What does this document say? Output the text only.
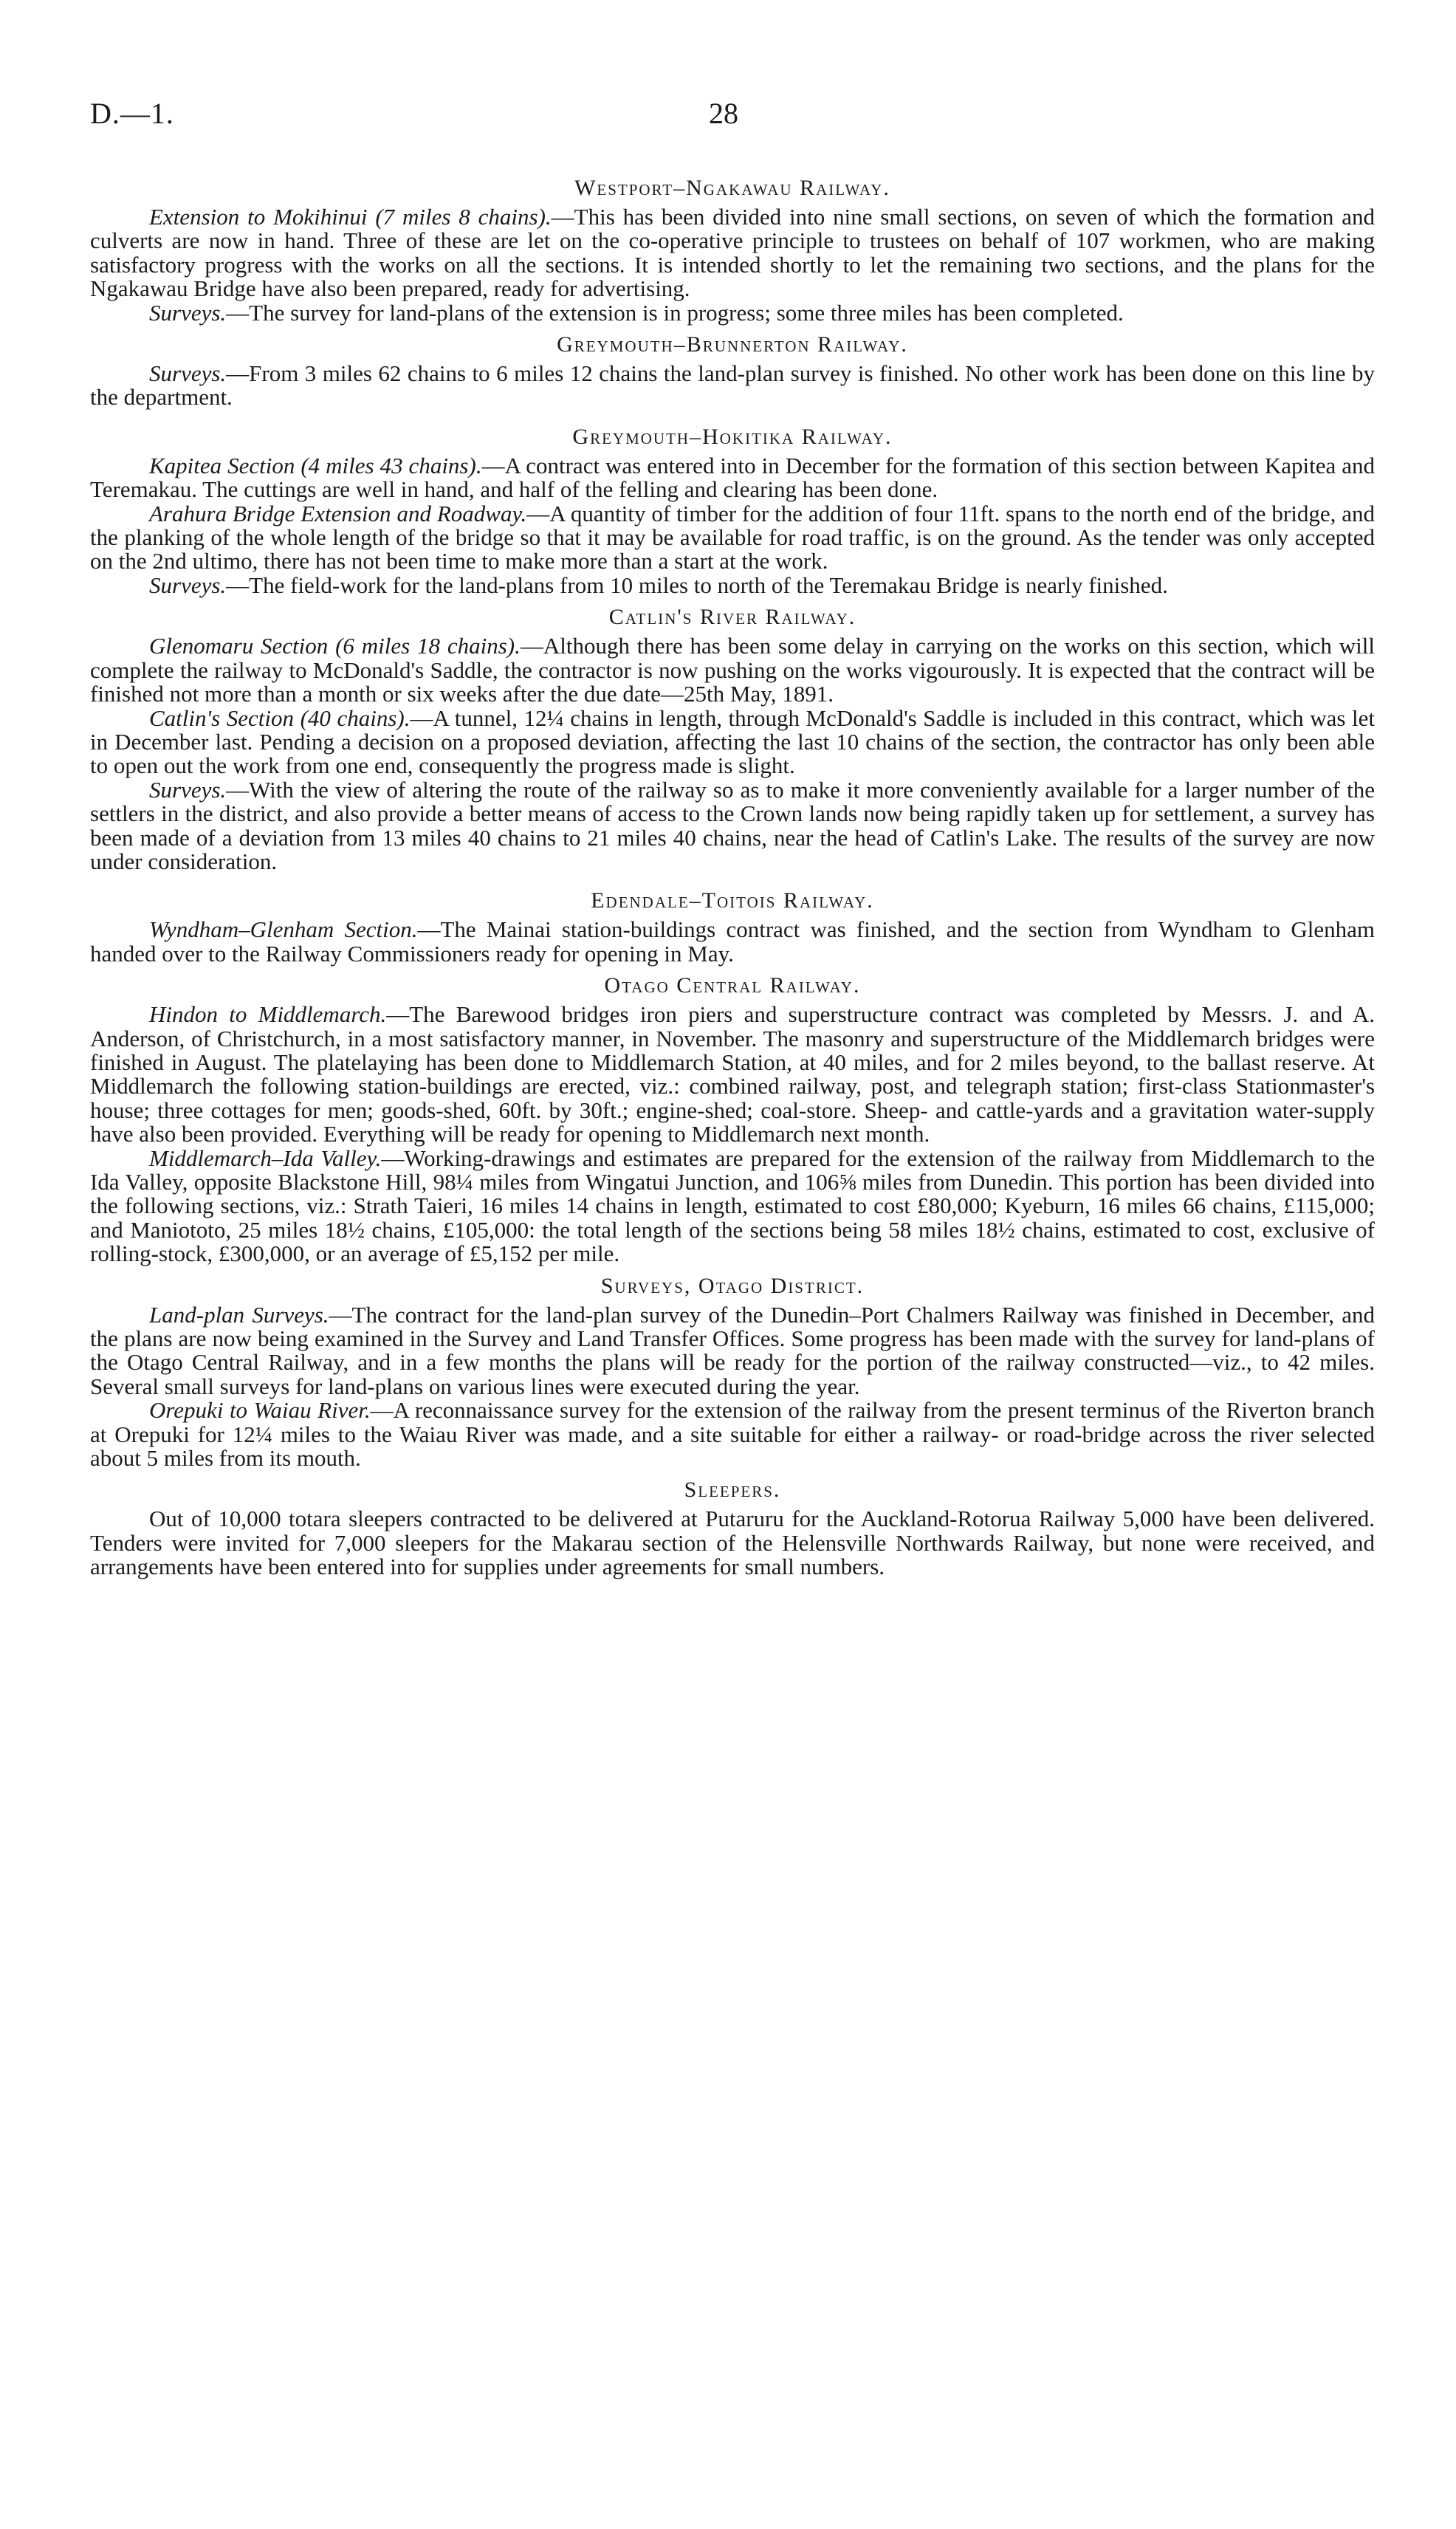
D.—1.	28
Westport–Ngakawau Railway.

Extension to Mokihinui (7 miles 8 chains).—This has been divided into nine small sections, on seven of which the formation and culverts are now in hand. Three of these are let on the co-operative principle to trustees on behalf of 107 workmen, who are making satisfactory progress with the works on all the sections. It is intended shortly to let the remaining two sections, and the plans for the Ngakawau Bridge have also been prepared, ready for advertising.

Surveys.—The survey for land-plans of the extension is in progress; some three miles has been completed.

Greymouth–Brunnerton Railway.

Surveys.—From 3 miles 62 chains to 6 miles 12 chains the land-plan survey is finished. No other work has been done on this line by the department.

Greymouth–Hokitika Railway.

Kapitea Section (4 miles 43 chains).—A contract was entered into in December for the formation of this section between Kapitea and Teremakau. The cuttings are well in hand, and half of the felling and clearing has been done.

Arahura Bridge Extension and Roadway.—A quantity of timber for the addition of four 11ft. spans to the north end of the bridge, and the planking of the whole length of the bridge so that it may be available for road traffic, is on the ground. As the tender was only accepted on the 2nd ultimo, there has not been time to make more than a start at the work.

Surveys.—The field-work for the land-plans from 10 miles to north of the Teremakau Bridge is nearly finished.

Catlin's River Railway.

Glenomaru Section (6 miles 18 chains).—Although there has been some delay in carrying on the works on this section, which will complete the railway to McDonald's Saddle, the contractor is now pushing on the works vigourously. It is expected that the contract will be finished not more than a month or six weeks after the due date—25th May, 1891.

Catlin's Section (40 chains).—A tunnel, 12¼ chains in length, through McDonald's Saddle is included in this contract, which was let in December last. Pending a decision on a proposed deviation, affecting the last 10 chains of the section, the contractor has only been able to open out the work from one end, consequently the progress made is slight.

Surveys.—With the view of altering the route of the railway so as to make it more conveniently available for a larger number of the settlers in the district, and also provide a better means of access to the Crown lands now being rapidly taken up for settlement, a survey has been made of a deviation from 13 miles 40 chains to 21 miles 40 chains, near the head of Catlin's Lake. The results of the survey are now under consideration.

Edendale–Toitois Railway.

Wyndham–Glenham Section.—The Mainai station-buildings contract was finished, and the section from Wyndham to Glenham handed over to the Railway Commissioners ready for opening in May.

Otago Central Railway.

Hindon to Middlemarch.—The Barewood bridges iron piers and superstructure contract was completed by Messrs. J. and A. Anderson, of Christchurch, in a most satisfactory manner, in November. The masonry and superstructure of the Middlemarch bridges were finished in August. The platelaying has been done to Middlemarch Station, at 40 miles, and for 2 miles beyond, to the ballast reserve. At Middlemarch the following station-buildings are erected, viz.: combined railway, post, and telegraph station; first-class Stationmaster's house; three cottages for men; goods-shed, 60ft. by 30ft.; engine-shed; coal-store. Sheep- and cattle-yards and a gravitation water-supply have also been provided. Everything will be ready for opening to Middlemarch next month.

Middlemarch–Ida Valley.—Working-drawings and estimates are prepared for the extension of the railway from Middlemarch to the Ida Valley, opposite Blackstone Hill, 98¼ miles from Wingatui Junction, and 106⅝ miles from Dunedin. This portion has been divided into the following sections, viz.: Strath Taieri, 16 miles 14 chains in length, estimated to cost £80,000; Kyeburn, 16 miles 66 chains, £115,000; and Maniototo, 25 miles 18½ chains, £105,000: the total length of the sections being 58 miles 18½ chains, estimated to cost, exclusive of rolling-stock, £300,000, or an average of £5,152 per mile.

Surveys, Otago District.

Land-plan Surveys.—The contract for the land-plan survey of the Dunedin–Port Chalmers Railway was finished in December, and the plans are now being examined in the Survey and Land Transfer Offices. Some progress has been made with the survey for land-plans of the Otago Central Railway, and in a few months the plans will be ready for the portion of the railway constructed—viz., to 42 miles. Several small surveys for land-plans on various lines were executed during the year.

Orepuki to Waiau River.—A reconnaissance survey for the extension of the railway from the present terminus of the Riverton branch at Orepuki for 12¼ miles to the Waiau River was made, and a site suitable for either a railway- or road-bridge across the river selected about 5 miles from its mouth.

Sleepers.

Out of 10,000 totara sleepers contracted to be delivered at Putaruru for the Auckland-Rotorua Railway 5,000 have been delivered. Tenders were invited for 7,000 sleepers for the Makarau section of the Helensville Northwards Railway, but none were received, and arrangements have been entered into for supplies under agreements for small numbers.
